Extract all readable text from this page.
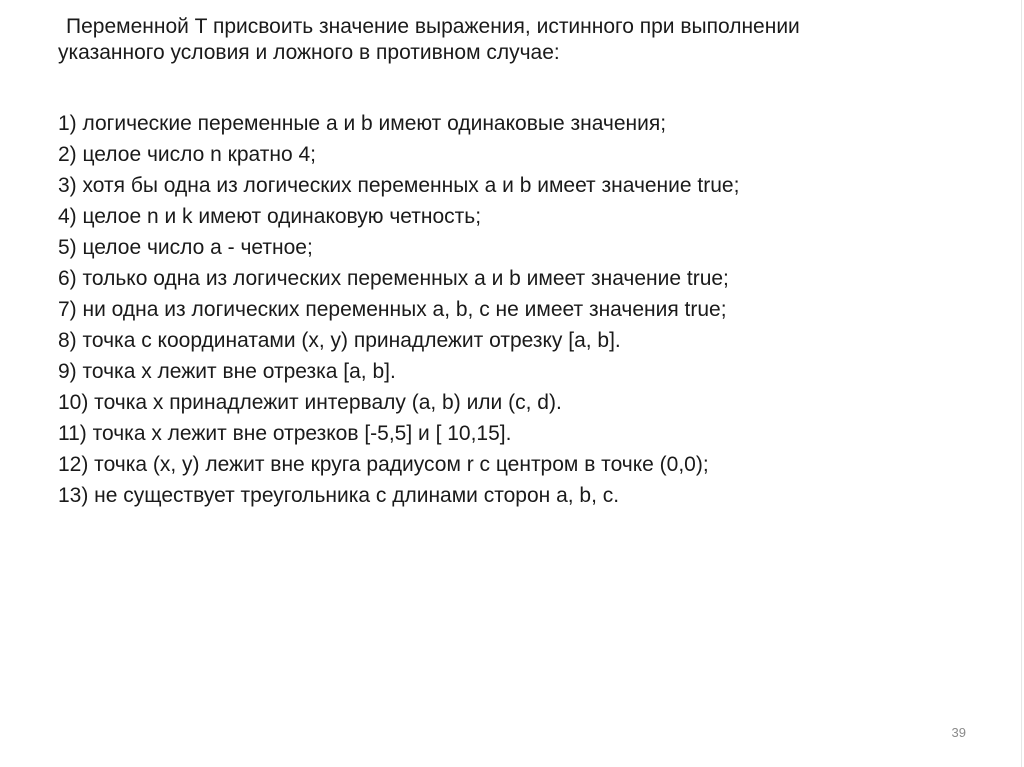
Переменной T присвоить значение выражения, истинного при выполнении
указанного условия и ложного в противном случае:

1) логические переменные a и b имеют одинаковые значения;
2) целое число n кратно 4;
3) хотя бы одна из логических переменных a и b имеет значение true;
4) целое n и k имеют одинаковую четность;
5) целое число a - четное;
6) только одна из логических переменных a и b имеет значение true;
7) ни одна из логических переменных a, b, c не имеет значения true;
8) точка с координатами (x, y) принадлежит отрезку [a, b].
9) точка x лежит вне отрезка [a, b].
10) точка x принадлежит интервалу (a, b) или (c, d).
11) точка x лежит вне отрезков [-5,5] и [ 10,15].
12) точка (x, y) лежит вне круга радиусом r с центром в точке (0,0);
13) не существует треугольника с длинами сторон a, b, c.
39
